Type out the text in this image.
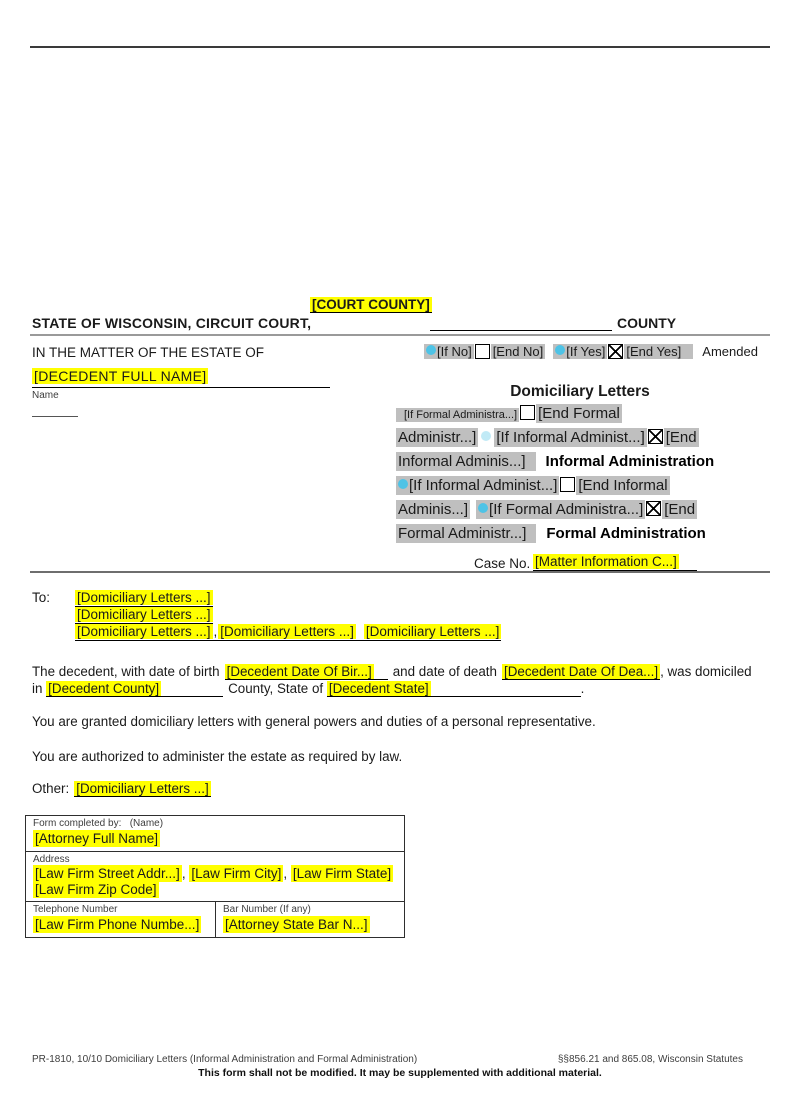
[COURT COUNTY]
STATE OF WISCONSIN, CIRCUIT COURT,	COUNTY
IN THE MATTER OF THE ESTATE OF	[If No] [End No]	[If Yes] [End Yes]	Amended
[DECEDENT FULL NAME]
Name	Domiciliary Letters
[If Formal Administra...] [End Formal
Administr...] [If Informal Administ...] [End
Informal Adminis...] Informal Administration
[If Informal Administ...] [End Informal
Adminis...] [If Formal Administra...] [End
Formal Administr...] Formal Administration
Case No. [Matter Information C...]
To: [Domiciliary Letters ...]
[Domiciliary Letters ...]
[Domiciliary Letters ...] , [Domiciliary Letters ...] [Domiciliary Letters ...]
The decedent, with date of birth [Decedent Date Of Bir...] and date of death [Decedent Date Of Dea...] , was domiciled
in [Decedent County]	County, State of [Decedent State]	.
You are granted domiciliary letters with general powers and duties of a personal representative.
You are authorized to administer the estate as required by law.
Other: [Domiciliary Letters ...]
Form completed by:   (Name)
[Attorney Full Name]
Address
[Law Firm Street Addr...] , [Law Firm City] , [Law Firm State]
[Law Firm Zip Code]
Telephone Number
[Law Firm Phone Numbe...]
Bar Number (If any)
[Attorney State Bar N...]
PR-1810, 10/10 Domiciliary Letters (Informal Administration and Formal Administration)	§§856.21 and 865.08, Wisconsin Statutes
This form shall not be modified. It may be supplemented with additional material.
